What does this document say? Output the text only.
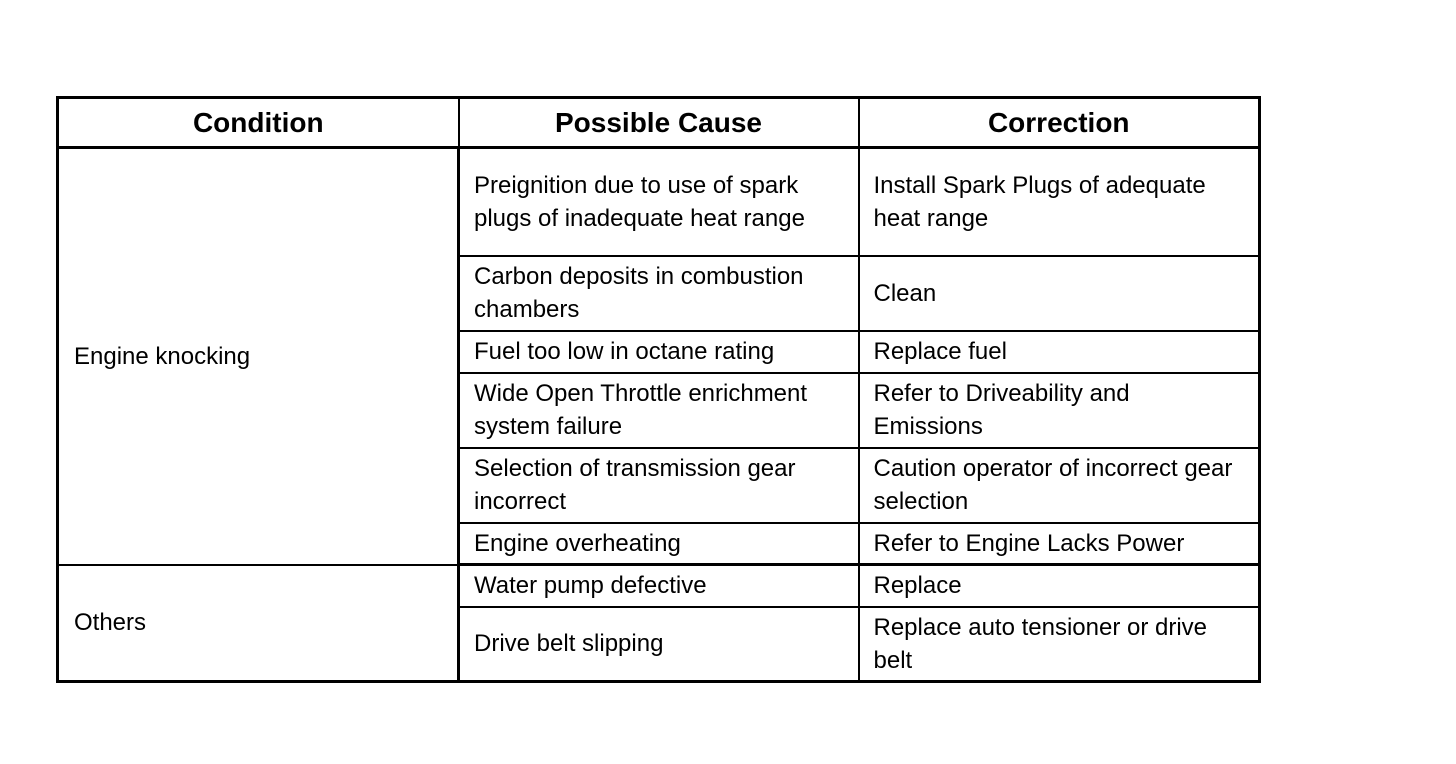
Condition	Possible Cause	Correction
Engine knocking	Preignition due to use of spark plugs of inadequate heat range	Install Spark Plugs of adequate heat range
	Carbon deposits in combustion chambers	Clean
	Fuel too low in octane rating	Replace fuel
	Wide Open Throttle enrichment system failure	Refer to Driveability and Emissions
	Selection of transmission gear incorrect	Caution operator of incorrect gear selection
	Engine overheating	Refer to Engine Lacks Power
Others	Water pump defective	Replace
	Drive belt slipping	Replace auto tensioner or drive belt
